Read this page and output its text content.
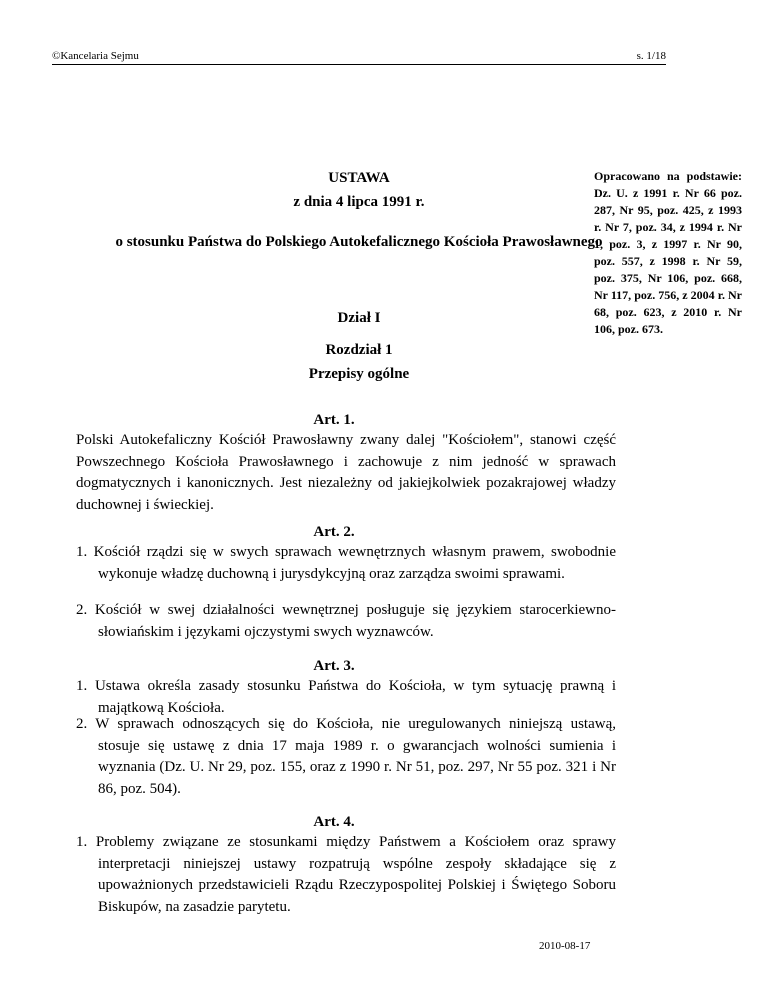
©Kancelaria Sejmu	s. 1/18
USTAWA
z dnia 4 lipca 1991 r.
o stosunku Państwa do Polskiego Autokefalicznego Kościoła Prawosławnego
Dział I
Rozdział 1
Przepisy ogólne
Opracowano na podstawie: Dz. U. z 1991 r. Nr 66 poz. 287, Nr 95, poz. 425, z 1993 r. Nr 7, poz. 34, z 1994 r. Nr 1, poz. 3, z 1997 r. Nr 90, poz. 557, z 1998 r. Nr 59, poz. 375, Nr 106, poz. 668, Nr 117, poz. 756, z 2004 r. Nr 68, poz. 623, z 2010 r. Nr 106, poz. 673.
Art. 1.
Polski Autokefaliczny Kościół Prawosławny zwany dalej "Kościołem", stanowi część Powszechnego Kościoła Prawosławnego i zachowuje z nim jedność w sprawach dogmatycznych i kanonicznych. Jest niezależny od jakiejkolwiek pozakrajowej władzy duchownej i świeckiej.
Art. 2.
1. Kościół rządzi się w swych sprawach wewnętrznych własnym prawem, swobodnie wykonuje władzę duchowną i jurysdykcyjną oraz zarządza swoimi sprawami.
2. Kościół w swej działalności wewnętrznej posługuje się językiem starocerkiewno-słowiańskim i językami ojczystymi swych wyznawców.
Art. 3.
1. Ustawa określa zasady stosunku Państwa do Kościoła, w tym sytuację prawną i majątkową Kościoła.
2. W sprawach odnoszących się do Kościoła, nie uregulowanych niniejszą ustawą, stosuje się ustawę z dnia 17 maja 1989 r. o gwarancjach wolności sumienia i wyznania (Dz. U. Nr 29, poz. 155, oraz z 1990 r. Nr 51, poz. 297, Nr 55 poz. 321 i Nr 86, poz. 504).
Art. 4.
1. Problemy związane ze stosunkami między Państwem a Kościołem oraz sprawy interpretacji niniejszej ustawy rozpatrują wspólne zespoły składające się z upoważnionych przedstawicieli Rządu Rzeczypospolitej Polskiej i Świętego Soboru Biskupów, na zasadzie parytetu.
2010-08-17
